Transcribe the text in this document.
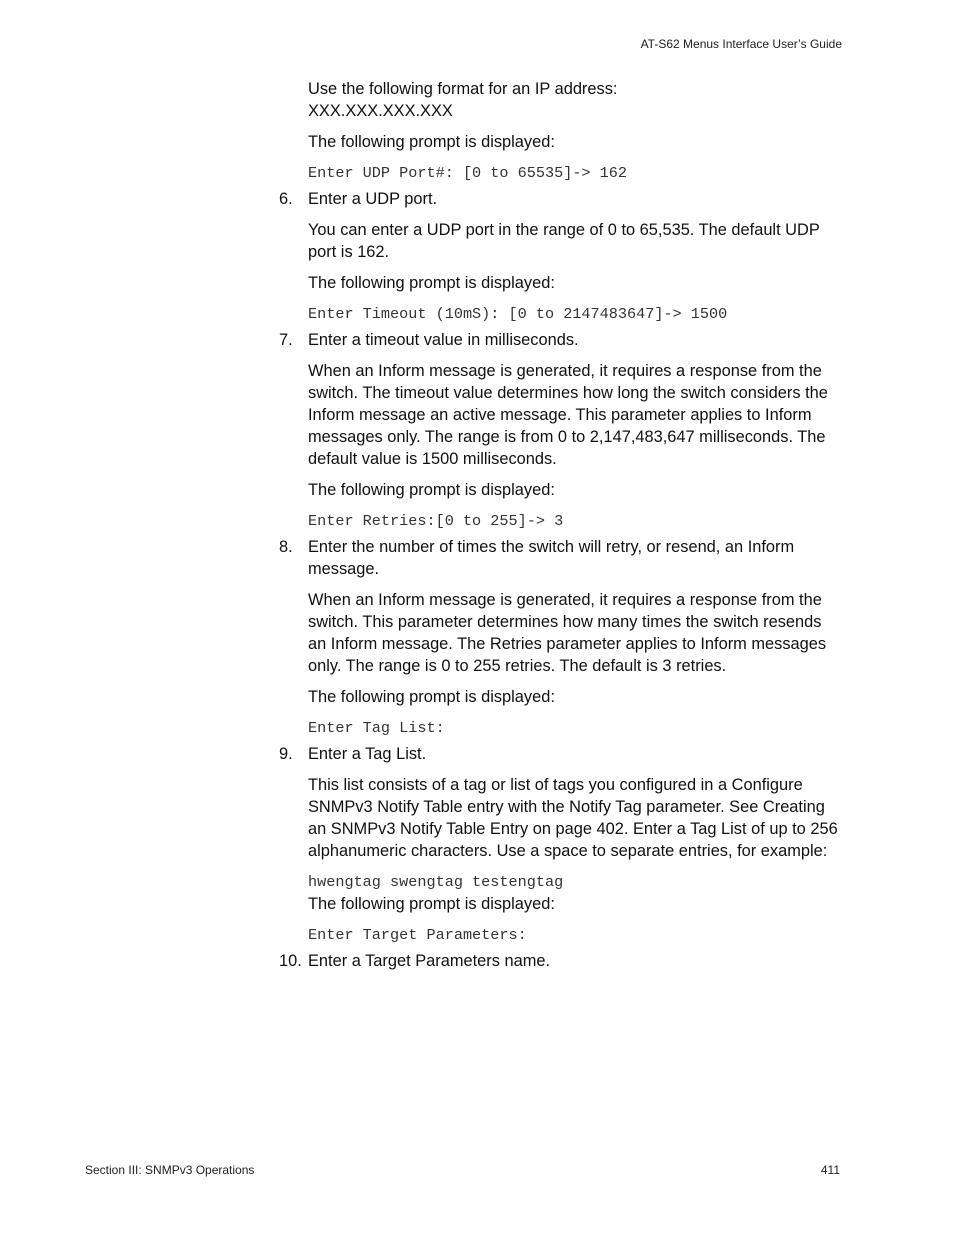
AT-S62 Menus Interface User’s Guide
Use the following format for an IP address:
XXX.XXX.XXX.XXX
The following prompt is displayed:
Enter UDP Port#: [0 to 65535]-> 162
6. Enter a UDP port.
You can enter a UDP port in the range of 0 to 65,535. The default UDP port is 162.
The following prompt is displayed:
Enter Timeout (10mS): [0 to 2147483647]-> 1500
7. Enter a timeout value in milliseconds.
When an Inform message is generated, it requires a response from the switch. The timeout value determines how long the switch considers the Inform message an active message. This parameter applies to Inform messages only. The range is from 0 to 2,147,483,647 milliseconds. The default value is 1500 milliseconds.
The following prompt is displayed:
Enter Retries:[0 to 255]-> 3
8. Enter the number of times the switch will retry, or resend, an Inform message.
When an Inform message is generated, it requires a response from the switch. This parameter determines how many times the switch resends an Inform message. The Retries parameter applies to Inform messages only. The range is 0 to 255 retries. The default is 3 retries.
The following prompt is displayed:
Enter Tag List:
9. Enter a Tag List.
This list consists of a tag or list of tags you configured in a Configure SNMPv3 Notify Table entry with the Notify Tag parameter. See Creating an SNMPv3 Notify Table Entry on page 402. Enter a Tag List of up to 256 alphanumeric characters. Use a space to separate entries, for example:
hwengtag swengtag testengtag
The following prompt is displayed:
Enter Target Parameters:
10. Enter a Target Parameters name.
Section III: SNMPv3 Operations	411
